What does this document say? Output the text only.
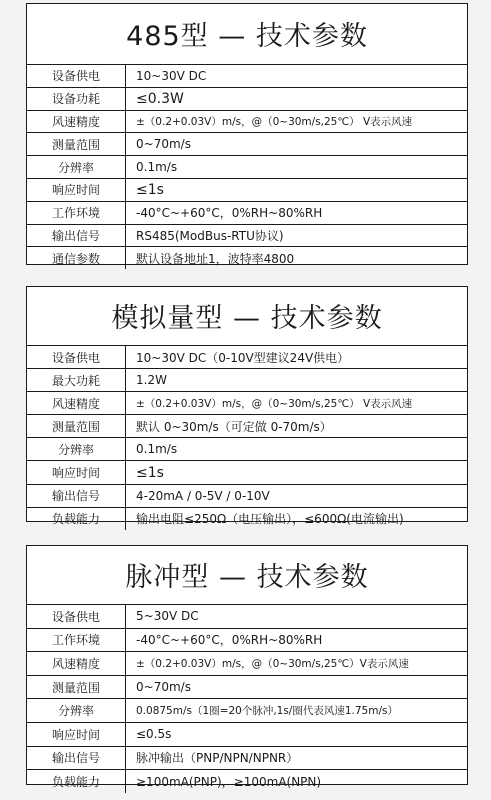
485型 — 技术参数
设备供电	10~30V DC
设备功耗	≤0.3W
风速精度	±（0.2+0.03V）m/s，@（0~30m/s,25℃） V表示风速
测量范围	0~70m/s
分辨率	0.1m/s
响应时间	≤1s
工作环境	-40°C~+60°C，0%RH~80%RH
输出信号	RS485(ModBus-RTU协议)
通信参数	默认设备地址1，波特率4800
模拟量型 — 技术参数
设备供电	10~30V DC（0-10V型建议24V供电）
最大功耗	1.2W
风速精度	±（0.2+0.03V）m/s，@（0~30m/s,25℃） V表示风速
测量范围	默认 0~30m/s（可定做 0-70m/s）
分辨率	0.1m/s
响应时间	≤1s
输出信号	4-20mA / 0-5V / 0-10V
负载能力	输出电阻≤250Ω（电压输出），≤600Ω(电流输出)
脉冲型 — 技术参数
设备供电	5~30V DC
工作环境	-40°C~+60°C，0%RH~80%RH
风速精度	±（0.2+0.03V）m/s，@（0~30m/s,25℃）V表示风速
测量范围	0~70m/s
分辨率	0.0875m/s（1圈=20个脉冲,1s/圈代表风速1.75m/s）
响应时间	≤0.5s
输出信号	脉冲输出（PNP/NPN/NPNR）
负载能力	≥100mA(PNP)，≥100mA(NPN)
